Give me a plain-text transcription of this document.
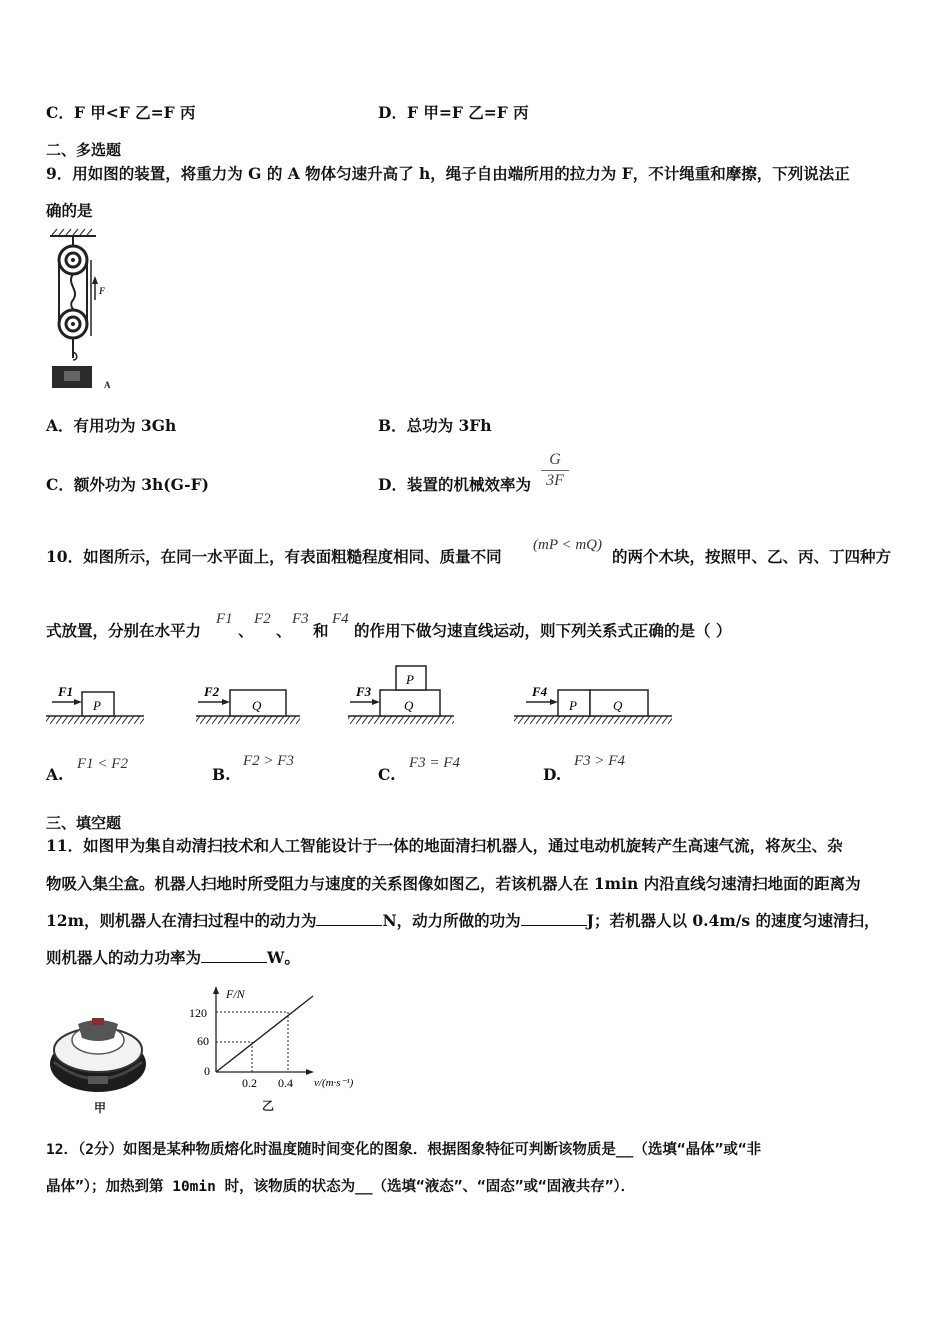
C．F 甲<F 乙=F 丙	D．F 甲=F 乙=F 丙
二、多选题
9．用如图的装置，将重力为 G 的 A 物体匀速升高了 h，绳子自由端所用的拉力为 F，不计绳重和摩擦，下列说法正
确的是
F
A
A．有用功为 3Gh	B．总功为 3Fh
C．额外功为 3h(G-F)	D．装置的机械效率为 $\frac{G}{3F}$
10．如图所示，在同一水平面上，有表面粗糙程度相同、质量不同
(mP < mQ)
的两个木块，按照甲、乙、丙、丁四种方
式放置，分别在水平力
F1
、
F2
、
F3
和
F4
的作用下做匀速直线运动，则下列关系式正确的是（ ）
P
F1
Q
F2
Q
P
F3
P	Q
F4
A.
F1 < F2
B.
F2 > F3
C.
F3 = F4
D.
F3 > F4
三、填空题
11．如图甲为集自动清扫技术和人工智能设计于一体的地面清扫机器人，通过电动机旋转产生高速气流，将灰尘、杂
物吸入集尘盒。机器人扫地时所受阻力与速度的关系图像如图乙，若该机器人在 1min 内沿直线匀速清扫地面的距离为
12m，则机器人在清扫过程中的动力为	N，动力所做的功为	J；若机器人以 0.4m/s 的速度匀速清扫，
则机器人的动力功率为	W。
甲
F/N
v/(m·s⁻¹)
120
60
0
0.2 0.4
乙
12．（2分）如图是某种物质熔化时温度随时间变化的图象．根据图象特征可判断该物质是__（选填“晶体”或“非
晶体”）；加热到第 10min 时，该物质的状态为__（选填“液态”、“固态”或“固液共存”）．
